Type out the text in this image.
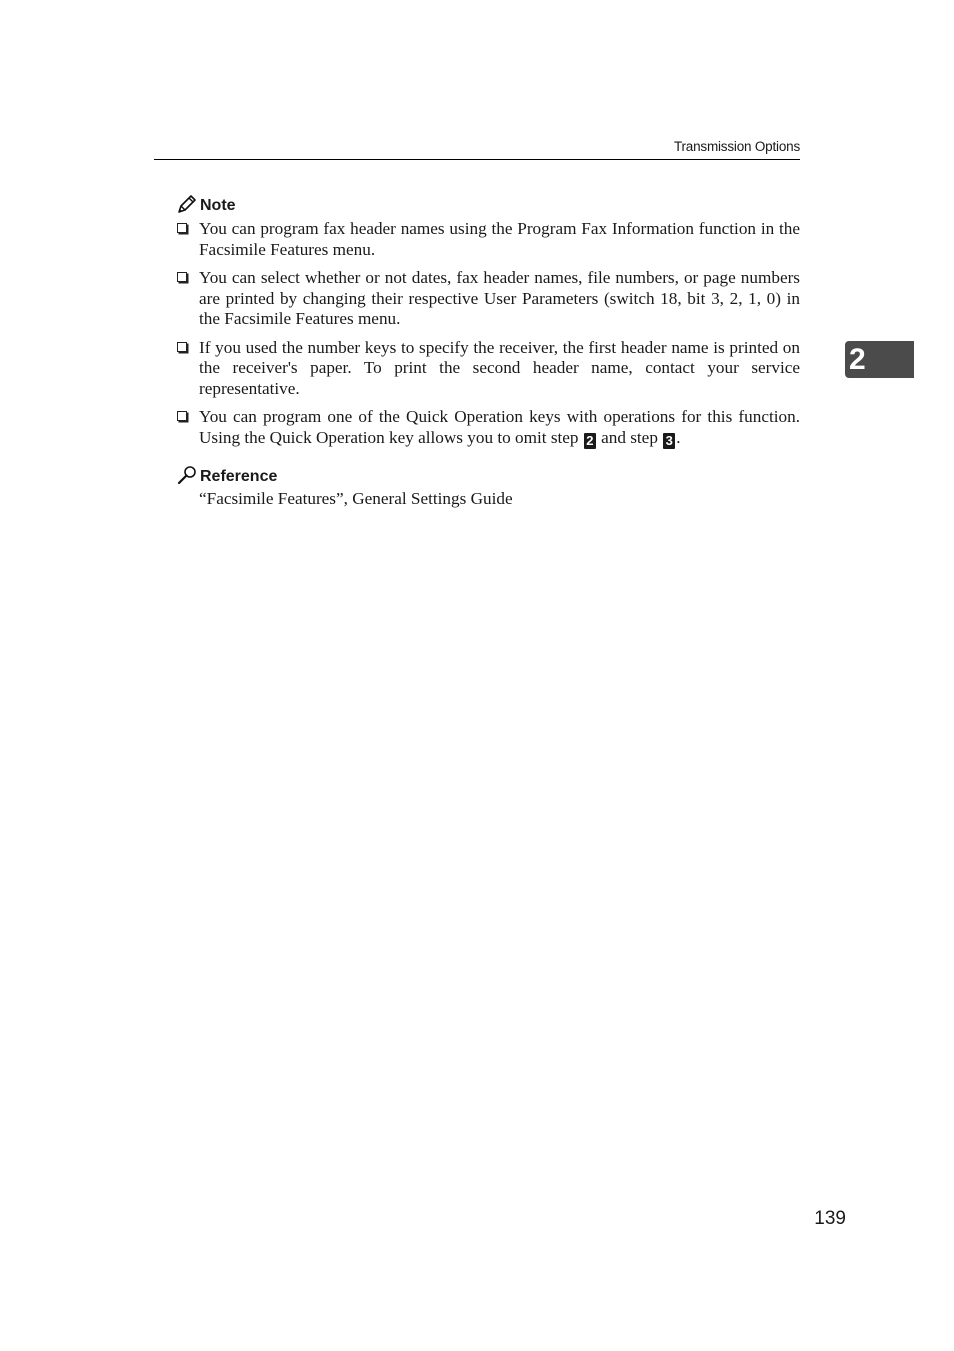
Transmission Options
Note
You can program fax header names using the Program Fax Information function in the Facsimile Features menu.
You can select whether or not dates, fax header names, file numbers, or page numbers are printed by changing their respective User Parameters (switch 18, bit 3, 2, 1, 0) in the Facsimile Features menu.
If you used the number keys to specify the receiver, the first header name is printed on the receiver's paper. To print the second header name, contact your service representative.
You can program one of the Quick Operation keys with operations for this function. Using the Quick Operation key allows you to omit step 2 and step 3 .
Reference
“Facsimile Features”, General Settings Guide
2
139
